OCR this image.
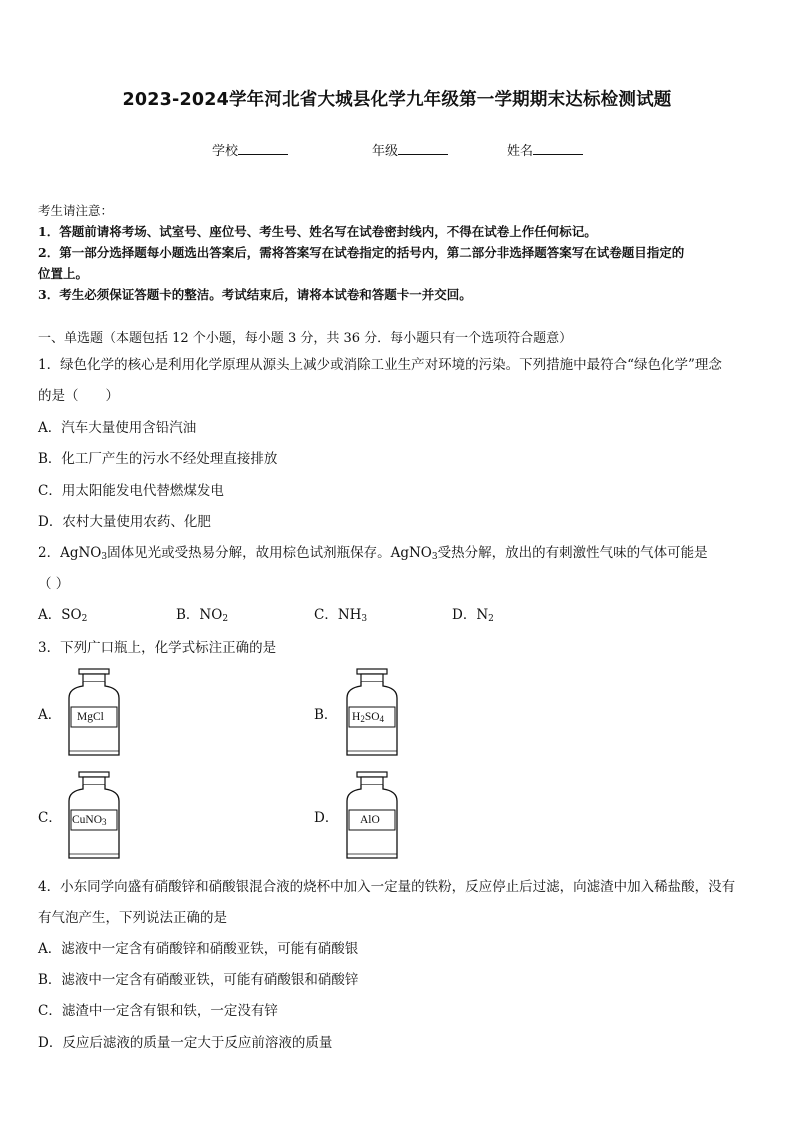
2023-2024学年河北省大城县化学九年级第一学期期末达标检测试题
学校	年级	姓名
考生请注意：
1．答题前请将考场、试室号、座位号、考生号、姓名写在试卷密封线内，不得在试卷上作任何标记。
2．第一部分选择题每小题选出答案后，需将答案写在试卷指定的括号内，第二部分非选择题答案写在试卷题目指定的
位置上。
3．考生必须保证答题卡的整洁。考试结束后，请将本试卷和答题卡一并交回。
一、单选题（本题包括 12 个小题，每小题 3 分，共 36 分．每小题只有一个选项符合题意）
1．绿色化学的核心是利用化学原理从源头上减少或消除工业生产对环境的污染。下列措施中最符合“绿色化学”理念
的是（　　）
A．汽车大量使用含铅汽油
B．化工厂产生的污水不经处理直接排放
C．用太阳能发电代替燃煤发电
D．农村大量使用农药、化肥
2．AgNO$_3$固体见光或受热易分解，故用棕色试剂瓶保存。AgNO$_3$受热分解，放出的有刺激性气味的气体可能是
（ ）
A．$SO_2$	B．$NO_2$	C．$NH_3$	D．$N_2$
3．下列广口瓶上，化学式标注正确的是
A．	B．
C．	D．
MgCl	$H_2SO_4$
CuNO$_3$	AlO
4．小东同学向盛有硝酸锌和硝酸银混合液的烧杯中加入一定量的铁粉，反应停止后过滤，向滤渣中加入稀盐酸，没有
有气泡产生，下列说法正确的是
A．滤液中一定含有硝酸锌和硝酸亚铁，可能有硝酸银
B．滤液中一定含有硝酸亚铁，可能有硝酸银和硝酸锌
C．滤渣中一定含有银和铁，一定没有锌
D．反应后滤液的质量一定大于反应前溶液的质量
